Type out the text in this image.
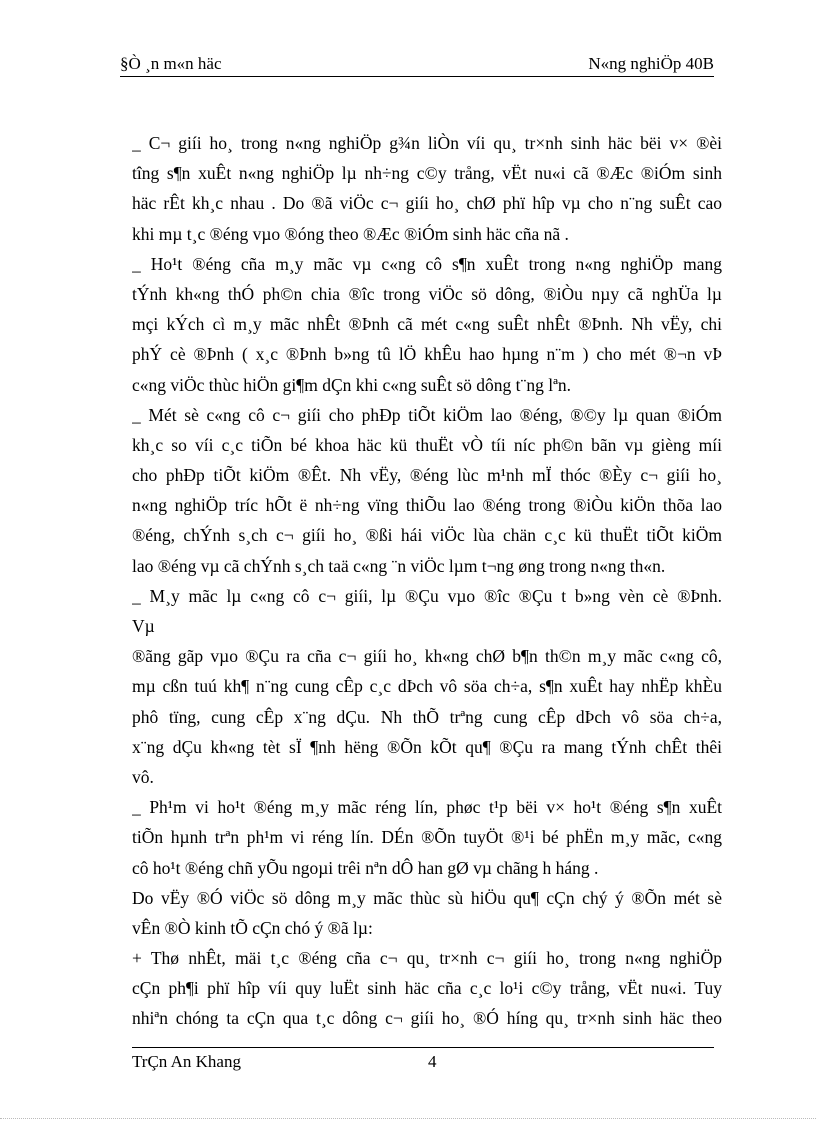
§Ò ¸n m«n häc	N«ng nghiÖp 40B
_ C¬ giíi ho¸ trong n«ng nghiÖp g¾n liÒn víi qu¸ tr×nh sinh häc bëi v× ®èi
tîng s¶n xuÊt n«ng nghiÖp lµ nh÷ng c©y trång, vËt nu«i cã ®Æc ®iÓm sinh
häc rÊt kh¸c nhau . Do ®ã viÖc c¬ giíi ho¸ chØ phï hîp vµ cho n¨ng suÊt cao
khi mµ t¸c ®éng vµo ®óng theo ®Æc ®iÓm sinh häc cña nã .
_ Ho¹t ®éng cña m¸y mãc vµ c«ng cô s¶n xuÊt trong n«ng nghiÖp mang
tÝnh kh«ng thÓ ph©n chia ®îc trong viÖc sö dông, ®iÒu nµy cã nghÜa lµ
mçi kÝch cì m¸y mãc nhÊt ®Þnh cã mét c«ng suÊt nhÊt ®Þnh. Nh vËy, chi
phÝ cè ®Þnh ( x¸c ®Þnh b»ng tû lÖ khÊu hao hµng n¨m ) cho mét ®¬n vÞ
c«ng viÖc thùc hiÖn gi¶m dÇn khi c«ng suÊt sö dông t¨ng lªn.
_ Mét sè c«ng cô c¬ giíi cho phÐp tiÕt kiÖm lao ®éng, ®©y lµ quan ®iÓm
kh¸c so víi c¸c tiÕn bé khoa häc kü thuËt vÒ tíi níc ph©n bãn vµ gièng míi
cho phÐp tiÕt kiÖm ®Êt. Nh vËy, ®éng lùc m¹nh mÏ thóc ®Èy c¬ giíi ho¸
n«ng nghiÖp tríc hÕt ë nh÷ng vïng thiÕu lao ®éng trong ®iÒu kiÖn thõa lao
®éng, chÝnh s¸ch c¬ giíi ho¸ ®ßi hái viÖc lùa chän c¸c kü thuËt tiÕt kiÖm
lao ®éng vµ cã chÝnh s¸ch taä c«ng ¨n viÖc lµm t¬ng øng trong n«ng th«n.
_ M¸y mãc lµ c«ng cô c¬ giíi, lµ ®Çu vµo ®îc ®Çu t b»ng vèn cè ®Þnh.
Vµ
®ãng gãp vµo ®Çu ra cña c¬ giíi ho¸ kh«ng chØ b¶n th©n m¸y mãc c«ng cô,
mµ cßn tuú kh¶ n¨ng cung cÊp c¸c dÞch vô söa ch÷a, s¶n xuÊt hay nhËp khÈu
phô tïng, cung cÊp x¨ng dÇu. Nh thÕ trªng cung cÊp dÞch vô söa ch÷a,
x¨ng dÇu kh«ng tèt sÏ ¶nh hëng ®Õn kÕt qu¶ ®Çu ra mang tÝnh chÊt thêi
vô.
_ Ph¹m vi ho¹t ®éng m¸y mãc réng lín, phøc t¹p bëi v× ho¹t ®éng s¶n xuÊt
tiÕn hµnh trªn ph¹m vi réng lín. DÉn ®Õn tuyÖt ®¹i bé phËn m¸y mãc, c«ng
cô ho¹t ®éng chñ yÕu ngoµi trêi nªn dÔ han gØ vµ chãng h háng .
Do vËy ®Ó viÖc sö dông m¸y mãc thùc sù hiÖu qu¶ cÇn chý ý ®Õn mét sè
vÊn ®Ò kinh tÕ cÇn chó ý ®ã lµ:
+ Thø nhÊt, mäi t¸c ®éng cña c¬ qu¸ tr×nh c¬ giíi ho¸ trong n«ng nghiÖp
cÇn ph¶i phï hîp víi quy luËt sinh häc cña c¸c lo¹i c©y trång, vËt nu«i. Tuy
nhiªn chóng ta cÇn qua t¸c dông c¬ giíi ho¸ ®Ó híng qu¸ tr×nh sinh häc theo
TrÇn An Khang	4
